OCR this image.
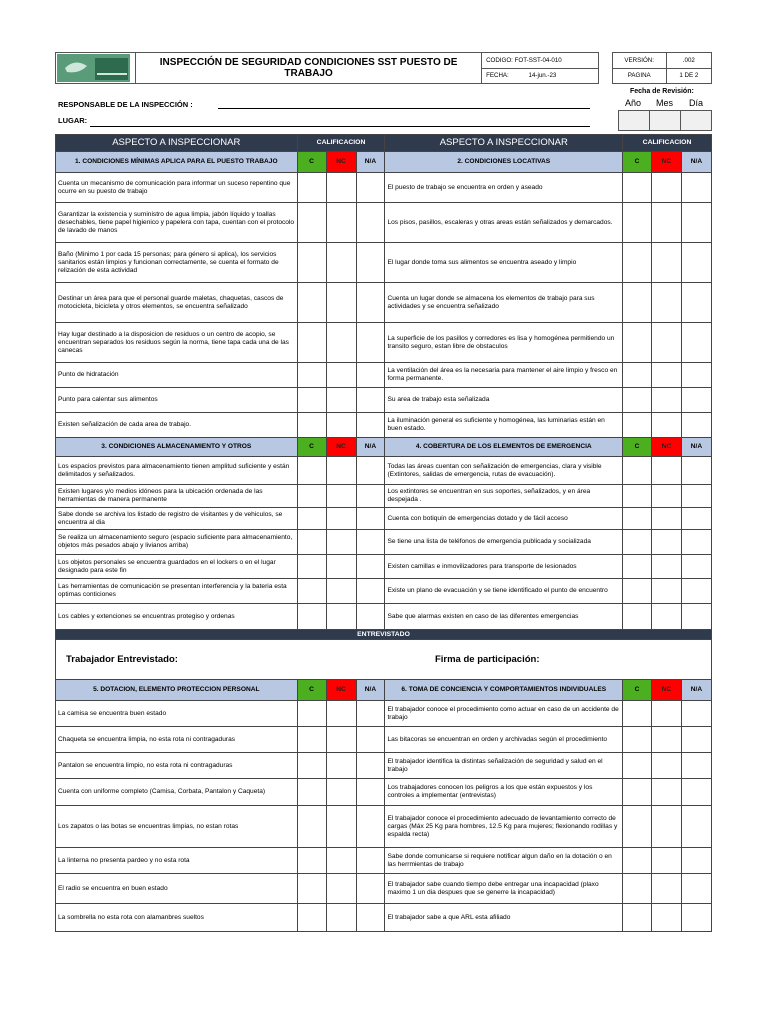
	INSPECCIÓN DE SEGURIDAD CONDICIONES SST PUESTO DE TRABAJO	CODIGO: FOT-SST-04-010		VERSIÓN:	.002
		FECHA: 14-jun.-23		PAGINA	1 DE 2
RESPONSABLE DE LA INSPECCIÓN :
LUGAR:
Fecha de Revisión:
Año Mes Día
ASPECTO A INSPECCIONAR	CALIFICACION			ASPECTO A INSPECCIONAR	CALIFICACION		
1. CONDICIONES MÍNIMAS APLICA PARA EL PUESTO TRABAJO	C	NC	N/A	2. CONDICIONES LOCATIVAS	C	NC	N/A
Cuenta un mecanismo de comunicación para informar un suceso repentino que ocurre en su puesto de trabajo				El puesto de trabajo se encuentra en orden y aseado			
Garantizar la existencia y suministro de agua limpia, jabón líquido y toallas desechables, tiene papel higienico y papelera con tapa, cuentan con el protocolo de lavado de manos				Los pisos, pasillos, escaleras y otras areas están señalizados y demarcados.			
Baño (Minimo 1 por cada 15 personas; para género si aplica), los servicios sanitarios están limpios y funcionan correctamente, se cuenta el formato de relización de esta actividad				El lugar donde toma sus alimentos se encuentra aseado y limpio			
Destinar un área para que el personal guarde maletas, chaquetas, cascos de motocicleta, bicicleta y otros elementos, se encuentra señalizado				Cuenta un lugar donde se almacena los elementos de trabajo para sus actividades y se encuentra señalizado			
Hay lugar destinado a la disposicion de residuos o un centro de acopio, se encuentran separados los residuos según la norma, tiene tapa cada una de las canecas				La superficie de los pasillos y corredores es lisa y homogénea permitiendo un transito seguro, estan libre de obstaculos			
Punto de hidratación				La ventilación del área es la necesaria para mantener el aire limpio y fresco en forma permanente.			
Punto para calentar sus alimentos				Su area de trabajo esta señalizada			
Existen señalización de cada area de trabajo.				La iluminación general es suficiente y homogénea, las luminarias están en buen estado.			
3. CONDICIONES ALMACENAMIENTO Y OTROS	C	NC	N/A	4. COBERTURA DE LOS ELEMENTOS DE EMERGENCIA	C	NC	N/A
Los espacios previstos para almacenamiento tienen amplitud suficiente y están delimitados y señalizados.				Todas las áreas cuentan con señalización de emergencias, clara y visible (Extintores, salidas de emergencia, rutas de evacuación).			
Existen lugares y/o medios idóneos para la ubicación ordenada de las herramientas de manera permanente				Los extintores se encuentran en sus soportes, señalizados, y en área despejada .			
Sabe donde se archiva los listado de registro de visitantes y de vehiculos, se encuentra al dia				Cuenta con botiquín de emergencias dotado y de fácil acceso			
Se realiza un almacenamiento seguro (espacio suficiente para almacenamiento, objetos más pesados abajo y livianos arriba)				Se tiene una lista de teléfonos de emergencia publicada y socializada			
Los objetos personales se encuentra guardados en el lockers o en el lugar designado para este fin				Existen camillas e inmovilizadores para transporte de lesionados			
Las herramientas de comunicación se presentan interferencia y la bateria esta optimas conticiones				Existe un plano de evacuación y se tiene identificado el punto de encuentro			
Los cables y extenciones se encuentras protegiso y ordenas				Sabe que alarmas existen en caso de las diferentes emergencias			
ENTREVISTADO							
Trabajador Entrevistado:				Firma de participación:			
5. DOTACION, ELEMENTO PROTECCION PERSONAL	C	NC	N/A	6. TOMA DE CONCIENCIA Y COMPORTAMIENTOS INDIVIDUALES	C	NC	N/A
La camisa se encuentra buen estado				El trabajador conoce el procedimiento como actuar en caso de un accidente de trabajo			
Chaqueta se encuentra limpia, no esta rota ni contragaduras				Las bitacoras se encuentran en orden y archivadas según el procedimiento			
Pantalon se encuentra limpio, no esta rota ni contragaduras				El trabajador identifica la distintas señalización de seguridad y salud en el trabajo			
Cuenta con uniforme completo (Camisa, Corbata, Pantalon y Caqueta)				Los trabajadores conocen los peligros a los que están expuestos y los controles a implementar (entrevistas)			
Los zapatos o las botas se encuentras limpias, no estan rotas				El trabajador conoce el procedimiento adecuado de levantamiento correcto de cargas (Máx 25 Kg para hombres, 12.5 Kg para mujeres; flexionando rodillas y espalda recta)			
La linterna no presenta pardeo y no esta rota				Sabe donde comunicarse si requiere notificar algun daño en la dotación o en las herrmientas de trabajo			
El radio se encuentra en buen estado				El trabajador sabe cuando tiempo debe entregar una incapacidad (plaxo maximo 1 un dia despues que se generre la incapacidad)			
La sombrella no esta rota con alamanbres sueltos				El trabajador sabe a que ARL esta afiliado			
